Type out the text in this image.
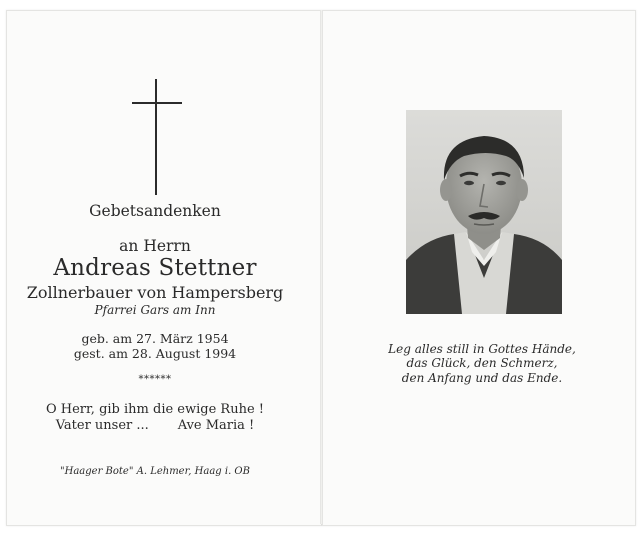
Gebetsandenken
an Herrn
Andreas Stettner
Zollnerbauer von Hampersberg
Pfarrei Gars am Inn
geb. am 27. März 1954
gest. am 28. August 1994
******
O Herr, gib ihm die ewige Ruhe !
Vater unser ...       Ave Maria !
"Haager Bote" A. Lehmer, Haag i. OB
Leg alles still in Gottes Hände,
das Glück, den Schmerz,
den Anfang und das Ende.
